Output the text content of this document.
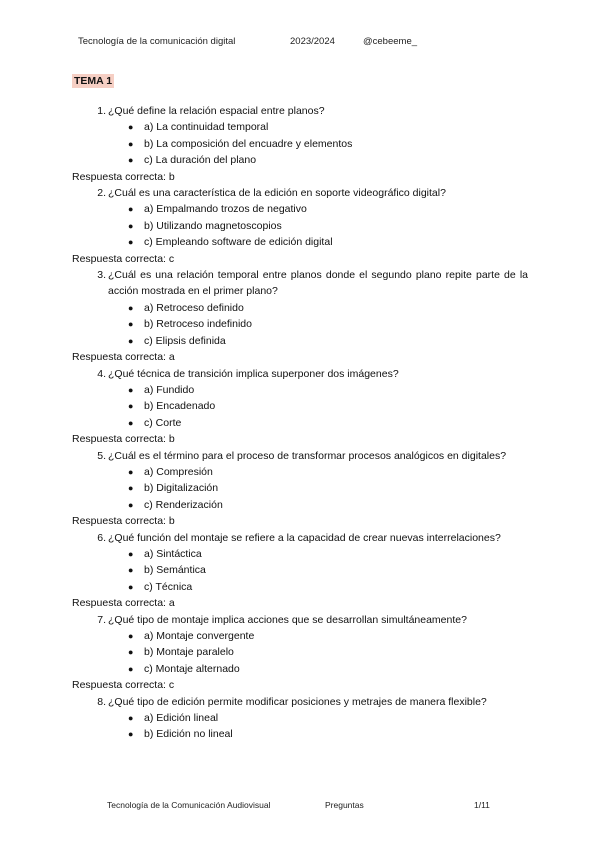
Tecnología de la comunicación digital	2023/2024	@cebeeme_
TEMA 1
1. ¿Qué define la relación espacial entre planos?
● a) La continuidad temporal
● b) La composición del encuadre y elementos
● c) La duración del plano
Respuesta correcta: b
2. ¿Cuál es una característica de la edición en soporte videográfico digital?
● a) Empalmando trozos de negativo
● b) Utilizando magnetoscopios
● c) Empleando software de edición digital
Respuesta correcta: c
3. ¿Cuál es una relación temporal entre planos donde el segundo plano repite parte de la acción mostrada en el primer plano?
● a) Retroceso definido
● b) Retroceso indefinido
● c) Elipsis definida
Respuesta correcta: a
4. ¿Qué técnica de transición implica superponer dos imágenes?
● a) Fundido
● b) Encadenado
● c) Corte
Respuesta correcta: b
5. ¿Cuál es el término para el proceso de transformar procesos analógicos en digitales?
● a) Compresión
● b) Digitalización
● c) Renderización
Respuesta correcta: b
6. ¿Qué función del montaje se refiere a la capacidad de crear nuevas interrelaciones?
● a) Sintáctica
● b) Semántica
● c) Técnica
Respuesta correcta: a
7. ¿Qué tipo de montaje implica acciones que se desarrollan simultáneamente?
● a) Montaje convergente
● b) Montaje paralelo
● c) Montaje alternado
Respuesta correcta: c
8. ¿Qué tipo de edición permite modificar posiciones y metrajes de manera flexible?
● a) Edición lineal
● b) Edición no lineal
Tecnología de la Comunicación Audiovisual	Preguntas	1/11
